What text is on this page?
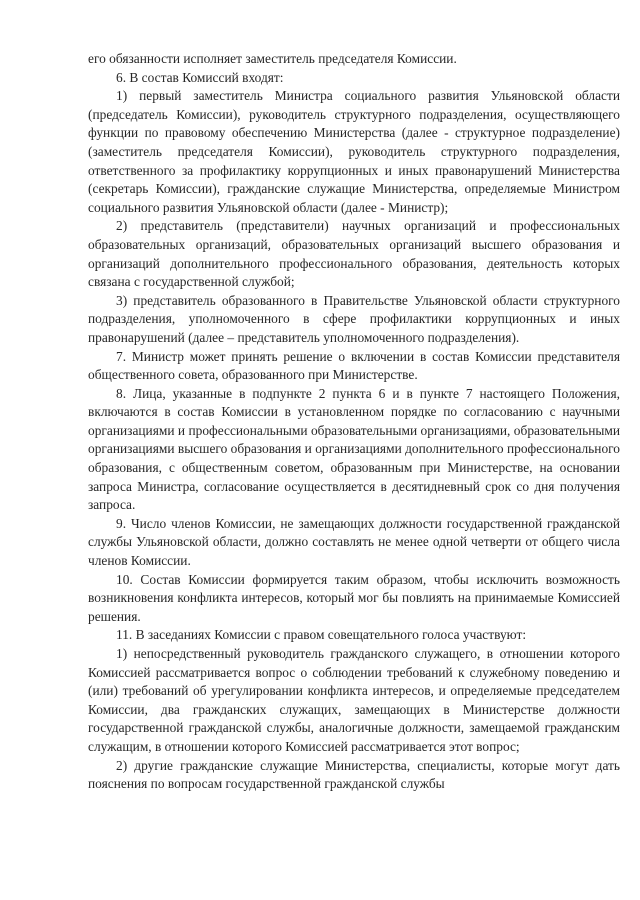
его обязанности исполняет заместитель председателя Комиссии.

6. В состав Комиссий входят:

1) первый заместитель Министра социального развития Ульяновской области (председатель Комиссии), руководитель структурного подразделения, осуществляющего функции по правовому обеспечению Министерства (далее - структурное подразделение) (заместитель председателя Комиссии), руководитель структурного подразделения, ответственного за профилактику коррупционных и иных правонарушений Министерства (секретарь Комиссии), гражданские служащие Министерства, определяемые Министром социального развития Ульяновской области (далее - Министр);

2) представитель (представители) научных организаций и профессиональных образовательных организаций, образовательных организаций высшего образования и организаций дополнительного профессионального образования, деятельность которых связана с государственной службой;

3) представитель образованного в Правительстве Ульяновской области структурного подразделения, уполномоченного в сфере профилактики коррупционных и иных правонарушений (далее – представитель уполномоченного подразделения).

7. Министр может принять решение о включении в состав Комиссии представителя общественного совета, образованного при Министерстве.

8. Лица, указанные в подпункте 2 пункта 6 и в пункте 7 настоящего Положения, включаются в состав Комиссии в установленном порядке по согласованию с научными организациями и профессиональными образовательными организациями, образовательными организациями высшего образования и организациями дополнительного профессионального образования, с общественным советом, образованным при Министерстве, на основании запроса Министра, согласование осуществляется в десятидневный срок со дня получения запроса.

9. Число членов Комиссии, не замещающих должности государственной гражданской службы Ульяновской области, должно составлять не менее одной четверти от общего числа членов Комиссии.

10. Состав Комиссии формируется таким образом, чтобы исключить возможность возникновения конфликта интересов, который мог бы повлиять на принимаемые Комиссией решения.

11. В заседаниях Комиссии с правом совещательного голоса участвуют:

1) непосредственный руководитель гражданского служащего, в отношении которого Комиссией рассматривается вопрос о соблюдении требований к служебному поведению и (или) требований об урегулировании конфликта интересов, и определяемые председателем Комиссии, два гражданских служащих, замещающих в Министерстве должности государственной гражданской службы, аналогичные должности, замещаемой гражданским служащим, в отношении которого Комиссией рассматривается этот вопрос;

2) другие гражданские служащие Министерства, специалисты, которые могут дать пояснения по вопросам государственной гражданской службы
